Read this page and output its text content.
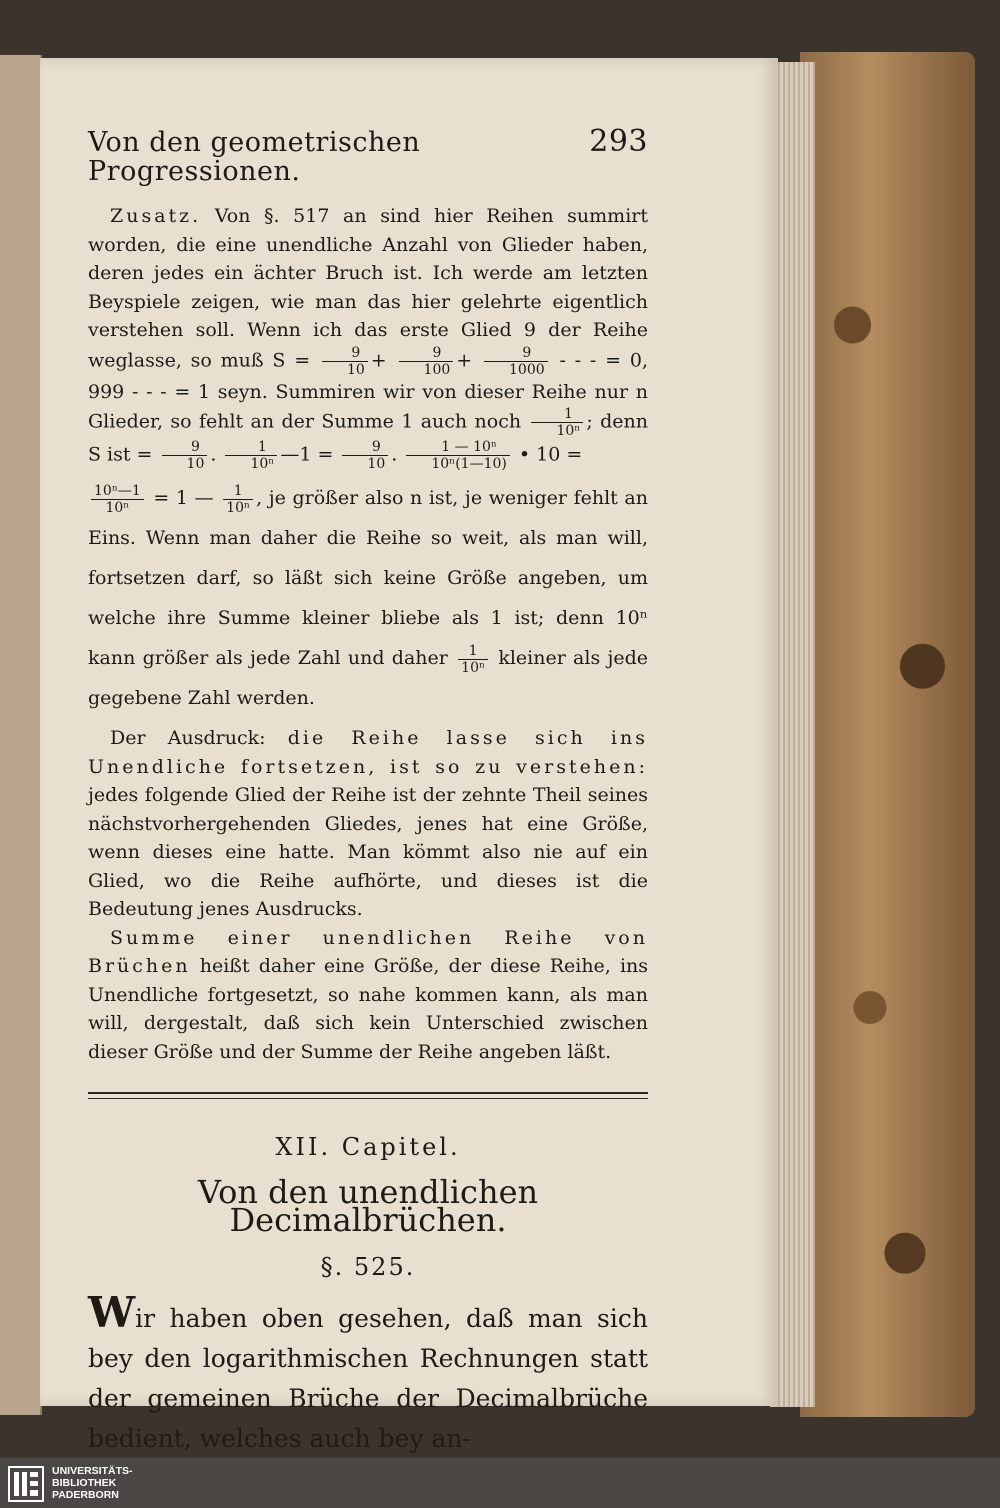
Von den geometrischen Progressionen.
293

Zusatz. Von §. 517 an sind hier Reihen summirt worden, die eine unendliche Anzahl von Glieder haben, deren jedes ein ächter Bruch ist. Ich werde am letzten Beyspiele zeigen, wie man das hier gelehrte eigentlich verstehen soll. Wenn ich das erste Glied 9 der Reihe weglasse, so muß $S = \frac{9}{10} + \frac{9}{100} + \frac{9}{1000}$ - - - = 0, 999 - - - = 1 seyn. Summiren wir von dieser Reihe nur n Glieder, so fehlt an der Summe 1 auch noch $\frac{1}{\text{10ⁿ}}$ ; denn S ist = $\frac{9}{10}$ . $\frac{1}{\text{10ⁿ}}$ —1 = $\frac{9}{10}$ . $\frac{\text{1 — 10ⁿ}}{\text{10ⁿ(1—10)}}$ • 10 =

$\frac{\text{10ⁿ—1}}{\text{10ⁿ}} = 1$ — $\frac{1}{\text{10ⁿ}}$ , je größer also n ist, je weniger fehlt an Eins. Wenn man daher die Reihe so weit, als man will, fortsetzen darf, so läßt sich keine Größe angeben, um welche ihre Summe kleiner bliebe als 1 ist; denn 10ⁿ kann größer als jede Zahl und daher $\frac{1}{\text{10ⁿ}}$ kleiner als jede gegebene Zahl werden.

Der Ausdruck: die Reihe lasse sich ins Unendliche fortsetzen, ist so zu verstehen: jedes folgende Glied der Reihe ist der zehnte Theil seines nächstvorhergehenden Gliedes, jenes hat eine Größe, wenn dieses eine hatte. Man kömmt also nie auf ein Glied, wo die Reihe aufhörte, und dieses ist die Bedeutung jenes Ausdrucks.

Summe einer unendlichen Reihe von Brüchen heißt daher eine Größe, der diese Reihe, ins Unendliche fortgesetzt, so nahe kommen kann, als man will, dergestalt, daß sich kein Unterschied zwischen dieser Größe und der Summe der Reihe angeben läßt.

XII. Capitel.
Von den unendlichen Decimalbrüchen.
§. 525.

Wir haben oben gesehen, daß man sich bey den logarithmischen Rechnungen statt der gemeinen Brüche der Decimalbrüche bedient, welches auch bey an-

UNIVERSITÄTS-
BIBLIOTHEK
PADERBORN
